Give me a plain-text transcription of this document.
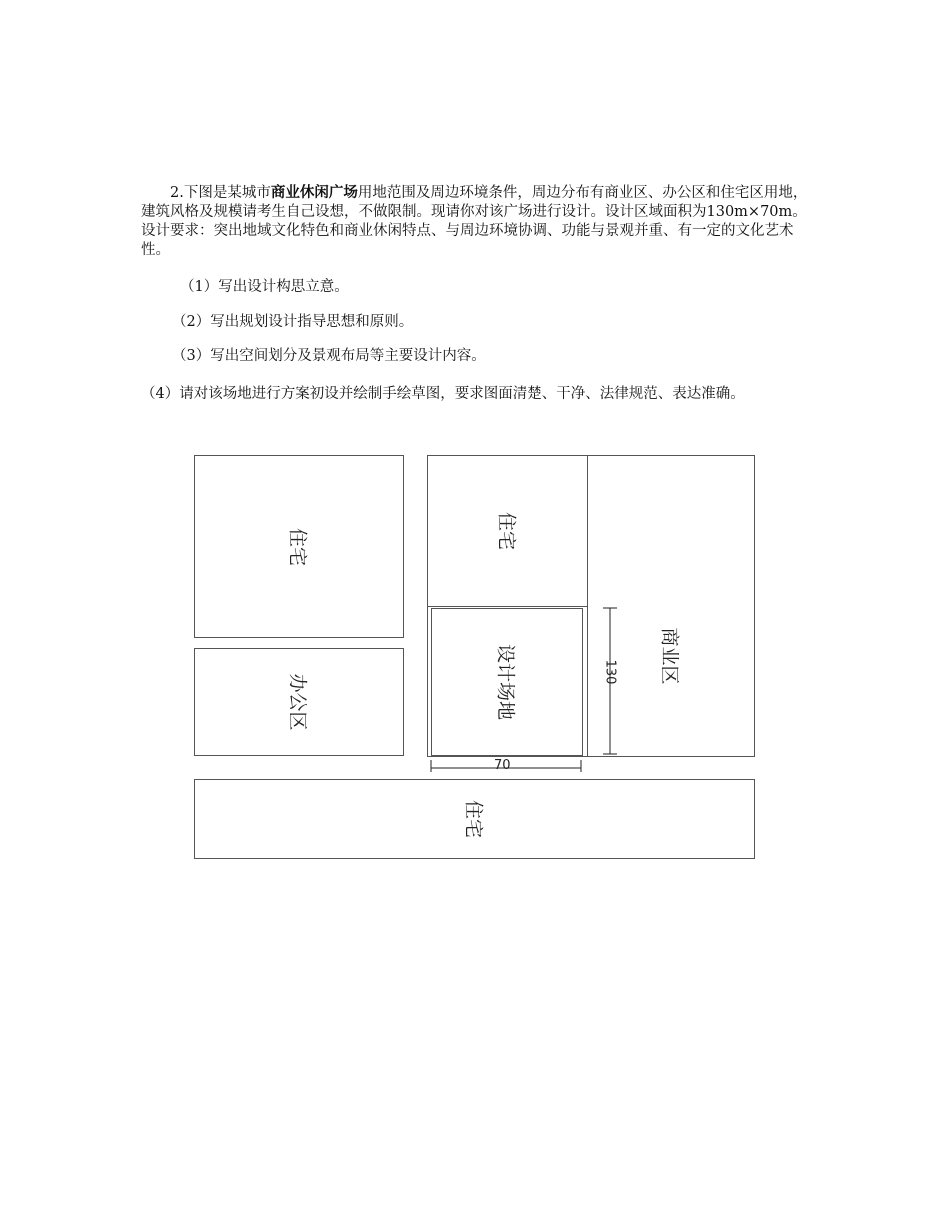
2.下图是某城市商业休闲广场用地范围及周边环境条件，周边分布有商业区、办公区和住宅区用地，建筑风格及规模请考生自己设想，不做限制。现请你对该广场进行设计。设计区域面积为130m×70m。设计要求：突出地域文化特色和商业休闲特点、与周边环境协调、功能与景观并重、有一定的文化艺术性。
（1）写出设计构思立意。
（2）写出规划设计指导思想和原则。
（3）写出空间划分及景观布局等主要设计内容。
（4）请对该场地进行方案初设并绘制手绘草图，要求图面清楚、干净、法律规范、表达准确。
住宅
办公区
住宅
设计场地	商业区
住宅
130
70
